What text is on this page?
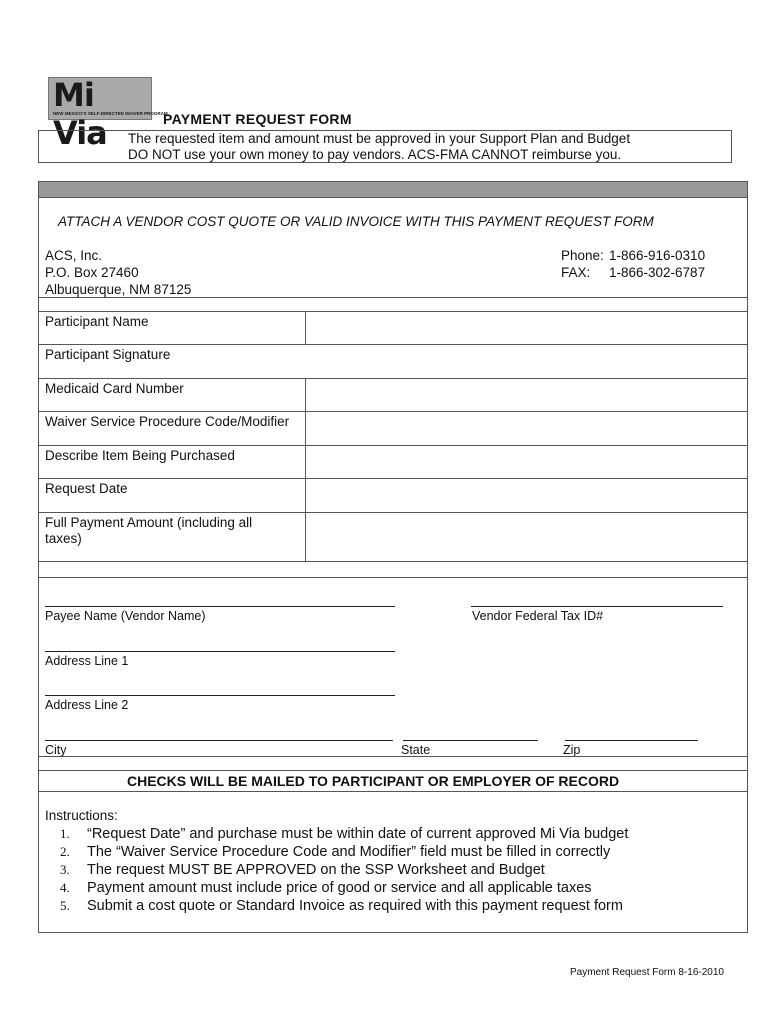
Mi Via
NEW MEXICO'S SELF-DIRECTED WAIVER PROGRAM
PAYMENT REQUEST FORM
The requested item and amount must be approved in your Support Plan and Budget
DO NOT use your own money to pay vendors. ACS-FMA CANNOT reimburse you.
ATTACH A VENDOR COST QUOTE OR VALID INVOICE WITH THIS PAYMENT REQUEST FORM
ACS, Inc.
P.O. Box 27460
Albuquerque, NM 87125
Phone: 1-866-916-0310
FAX: 1-866-302-6787
Participant Name
Participant Signature
Medicaid Card Number
Waiver Service Procedure Code/Modifier
Describe Item Being Purchased
Request Date
Full Payment Amount (including all
taxes)
Payee Name (Vendor Name)	Vendor Federal Tax ID#
Address Line 1
Address Line 2
City	State	Zip
CHECKS WILL BE MAILED TO PARTICIPANT OR EMPLOYER OF RECORD
Instructions:
1. “Request Date” and purchase must be within date of current approved Mi Via budget
2. The “Waiver Service Procedure Code and Modifier” field must be filled in correctly
3. The request MUST BE APPROVED on the SSP Worksheet and Budget
4. Payment amount must include price of good or service and all applicable taxes
5. Submit a cost quote or Standard Invoice as required with this payment request form
Payment Request Form 8-16-2010
